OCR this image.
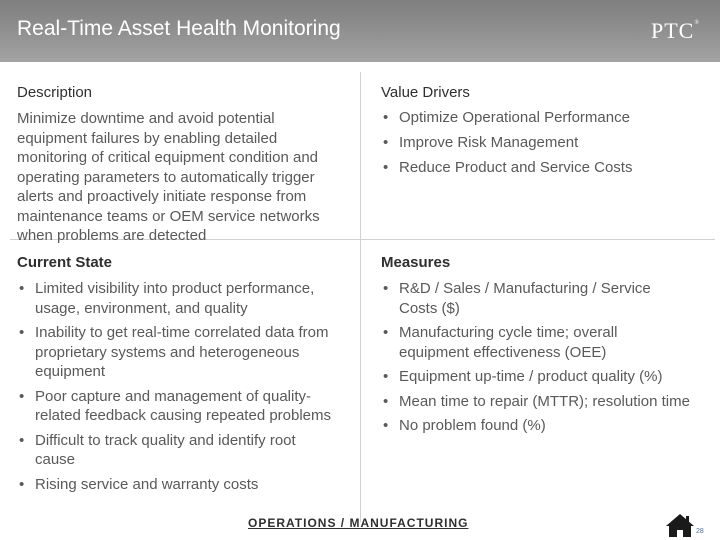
Real-Time Asset Health Monitoring	PTC®
Description

Minimize downtime and avoid potential equipment failures by enabling detailed monitoring of critical equipment condition and operating parameters to automatically trigger alerts and proactively initiate response from maintenance teams or OEM service networks when problems are detected

Value Drivers
• Optimize Operational Performance
• Improve Risk Management
• Reduce Product and Service Costs
Current State
• Limited visibility into product performance, usage, environment, and quality
• Inability to get real-time correlated data from proprietary systems and heterogeneous equipment
• Poor capture and management of quality-related feedback causing repeated problems
• Difficult to track quality and identify root cause
• Rising service and warranty costs
Measures
• R&D / Sales / Manufacturing / Service Costs ($)
• Manufacturing cycle time; overall equipment effectiveness (OEE)
• Equipment up-time / product quality (%)
• Mean time to repair (MTTR); resolution time
• No problem found (%)
OPERATIONS / MANUFACTURING
28
